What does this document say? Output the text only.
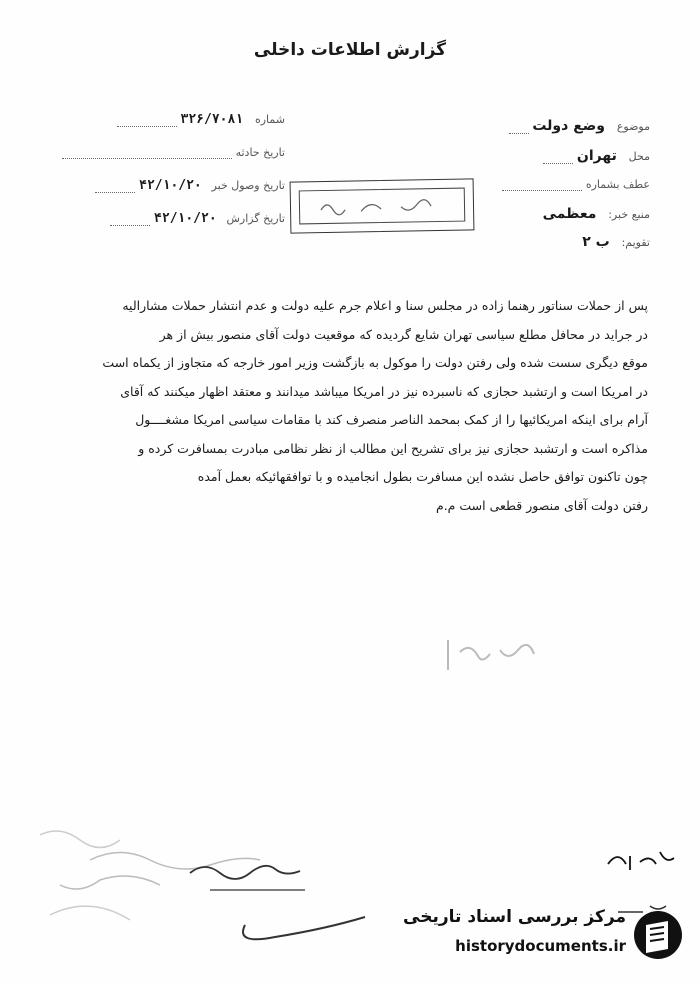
گزارش اطلاعات داخلی
موضوع وضع دولت
محل تهران
عطف بشماره
منبع خبر: معظمی
تقویم: ب ۲
شماره ۳۲۶/۷۰۸۱
تاریخ حادثه
تاریخ وصول خبر ۴۲/۱۰/۲۰
تاریخ گزارش ۴۲/۱۰/۲۰

پس از حملات سناتور رهنما زاده در مجلس سنا و اعلام جرم علیه دولت و عدم انتشار حملات مشارالیه

در جراید در محافل مطلع سیاسی تهران شایع گردیده که موقعیت دولت آقای منصور بیش از هر

موقع دیگری سست شده ولی رفتن دولت را موکول به بازگشت وزیر امور خارجه که متجاوز از یکماه است

در امریکا است و ارتشبد حجازی که ناسبرده نیز در امریکا میباشد میدانند و معتقد اظهار میکنند که آقای

آرام برای اینکه امریکائیها را از کمک بمحمد الناصر منصرف کند با مقامات سیاسی امریکا مشغــــول

مذاکره است و ارتشبد حجازی نیز برای تشریح این مطالب از نظر نظامی مبادرت بمسافرت کرده و

چون تاکنون توافق حاصل نشده این مسافرت بطول انجامیده و با توافقهائیکه بعمل آمده

رفتن دولت آقای منصور قطعی است م.م

مرکز بررسی اسناد تاریخی
historydocuments.ir
